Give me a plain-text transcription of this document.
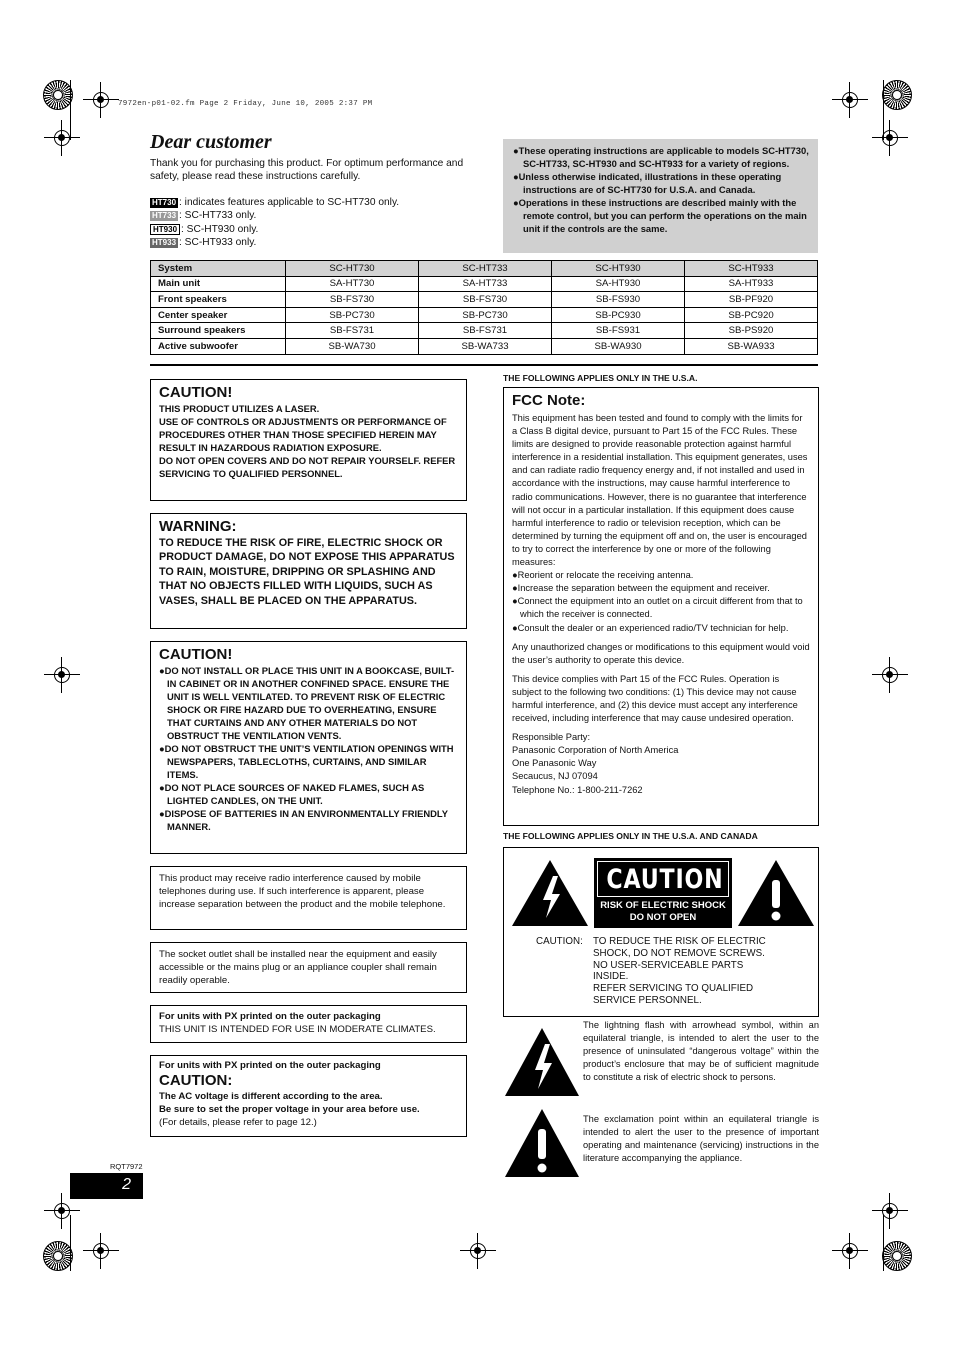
7972en-p01-02.fm Page 2 Friday, June 10, 2005 2:37 PM
Dear customer
Thank you for purchasing this product. For optimum performance and safety, please read these instructions carefully.
HT730 : indicates features applicable to SC-HT730 only.
HT733 : SC-HT733 only.
HT930 : SC-HT930 only.
HT933 : SC-HT933 only.
●These operating instructions are applicable to models SC-HT730, SC-HT733, SC-HT930 and SC-HT933 for a variety of regions.
●Unless otherwise indicated, illustrations in these operating instructions are of SC-HT730 for U.S.A. and Canada.
●Operations in these instructions are described mainly with the remote control, but you can perform the operations on the main unit if the controls are the same.
System	SC-HT730	SC-HT733	SC-HT930	SC-HT933
Main unit	SA-HT730	SA-HT733	SA-HT930	SA-HT933
Front speakers	SB-FS730	SB-FS730	SB-FS930	SB-PF920
Center speaker	SB-PC730	SB-PC730	SB-PC930	SB-PC920
Surround speakers	SB-FS731	SB-FS731	SB-FS931	SB-PS920
Active subwoofer	SB-WA730	SB-WA733	SB-WA930	SB-WA933
CAUTION!
THIS PRODUCT UTILIZES A LASER.
USE OF CONTROLS OR ADJUSTMENTS OR PERFORMANCE OF PROCEDURES OTHER THAN THOSE SPECIFIED HEREIN MAY RESULT IN HAZARDOUS RADIATION EXPOSURE.
DO NOT OPEN COVERS AND DO NOT REPAIR YOURSELF. REFER SERVICING TO QUALIFIED PERSONNEL.
WARNING:
TO REDUCE THE RISK OF FIRE, ELECTRIC SHOCK OR PRODUCT DAMAGE, DO NOT EXPOSE THIS APPARATUS TO RAIN, MOISTURE, DRIPPING OR SPLASHING AND THAT NO OBJECTS FILLED WITH LIQUIDS, SUCH AS VASES, SHALL BE PLACED ON THE APPARATUS.
CAUTION!
●DO NOT INSTALL OR PLACE THIS UNIT IN A BOOKCASE, BUILT-IN CABINET OR IN ANOTHER CONFINED SPACE. ENSURE THE UNIT IS WELL VENTILATED. TO PREVENT RISK OF ELECTRIC SHOCK OR FIRE HAZARD DUE TO OVERHEATING, ENSURE THAT CURTAINS AND ANY OTHER MATERIALS DO NOT OBSTRUCT THE VENTILATION VENTS.
●DO NOT OBSTRUCT THE UNIT’S VENTILATION OPENINGS WITH NEWSPAPERS, TABLECLOTHS, CURTAINS, AND SIMILAR ITEMS.
●DO NOT PLACE SOURCES OF NAKED FLAMES, SUCH AS LIGHTED CANDLES, ON THE UNIT.
●DISPOSE OF BATTERIES IN AN ENVIRONMENTALLY FRIENDLY MANNER.
This product may receive radio interference caused by mobile telephones during use. If such interference is apparent, please increase separation between the product and the mobile telephone.
The socket outlet shall be installed near the equipment and easily accessible or the mains plug or an appliance coupler shall remain readily operable.
For units with PX printed on the outer packaging
THIS UNIT IS INTENDED FOR USE IN MODERATE CLIMATES.
For units with PX printed on the outer packaging
CAUTION:
The AC voltage is different according to the area.
Be sure to set the proper voltage in your area before use.
(For details, please refer to page 12.)
THE FOLLOWING APPLIES ONLY IN THE U.S.A.
FCC Note:

This equipment has been tested and found to comply with the limits for a Class B digital device, pursuant to Part 15 of the FCC Rules. These limits are designed to provide reasonable protection against harmful interference in a residential installation. This equipment generates, uses and can radiate radio frequency energy and, if not installed and used in accordance with the instructions, may cause harmful interference to radio communications. However, there is no guarantee that interference will not occur in a particular installation. If this equipment does cause harmful interference to radio or television reception, which can be determined by turning the equipment off and on, the user is encouraged to try to correct the interference by one or more of the following measures:

●Reorient or relocate the receiving antenna.
●Increase the separation between the equipment and receiver.
●Connect the equipment into an outlet on a circuit different from that to which the receiver is connected.
●Consult the dealer or an experienced radio/TV technician for help.

Any unauthorized changes or modifications to this equipment would void the user’s authority to operate this device.

This device complies with Part 15 of the FCC Rules. Operation is subject to the following two conditions: (1) This device may not cause harmful interference, and (2) this device must accept any interference received, including interference that may cause undesired operation.

Responsible Party:
Panasonic Corporation of North America
One Panasonic Way
Secaucus, NJ 07094
Telephone No.: 1-800-211-7262
THE FOLLOWING APPLIES ONLY IN THE U.S.A. AND CANADA
CAUTION
RISK OF ELECTRIC SHOCK
DO NOT OPEN
CAUTION:	TO REDUCE THE RISK OF ELECTRIC
SHOCK, DO NOT REMOVE SCREWS.
NO USER-SERVICEABLE PARTS
INSIDE.
REFER SERVICING TO QUALIFIED
SERVICE PERSONNEL.
The lightning flash with arrowhead symbol, within an equilateral triangle, is intended to alert the user to the presence of uninsulated “dangerous voltage” within the product’s enclosure that may be of sufficient magnitude to constitute a risk of electric shock to persons.
The exclamation point within an equilateral triangle is intended to alert the user to the presence of important operating and maintenance (servicing) instructions in the literature accompanying the appliance.
RQT7972
2
